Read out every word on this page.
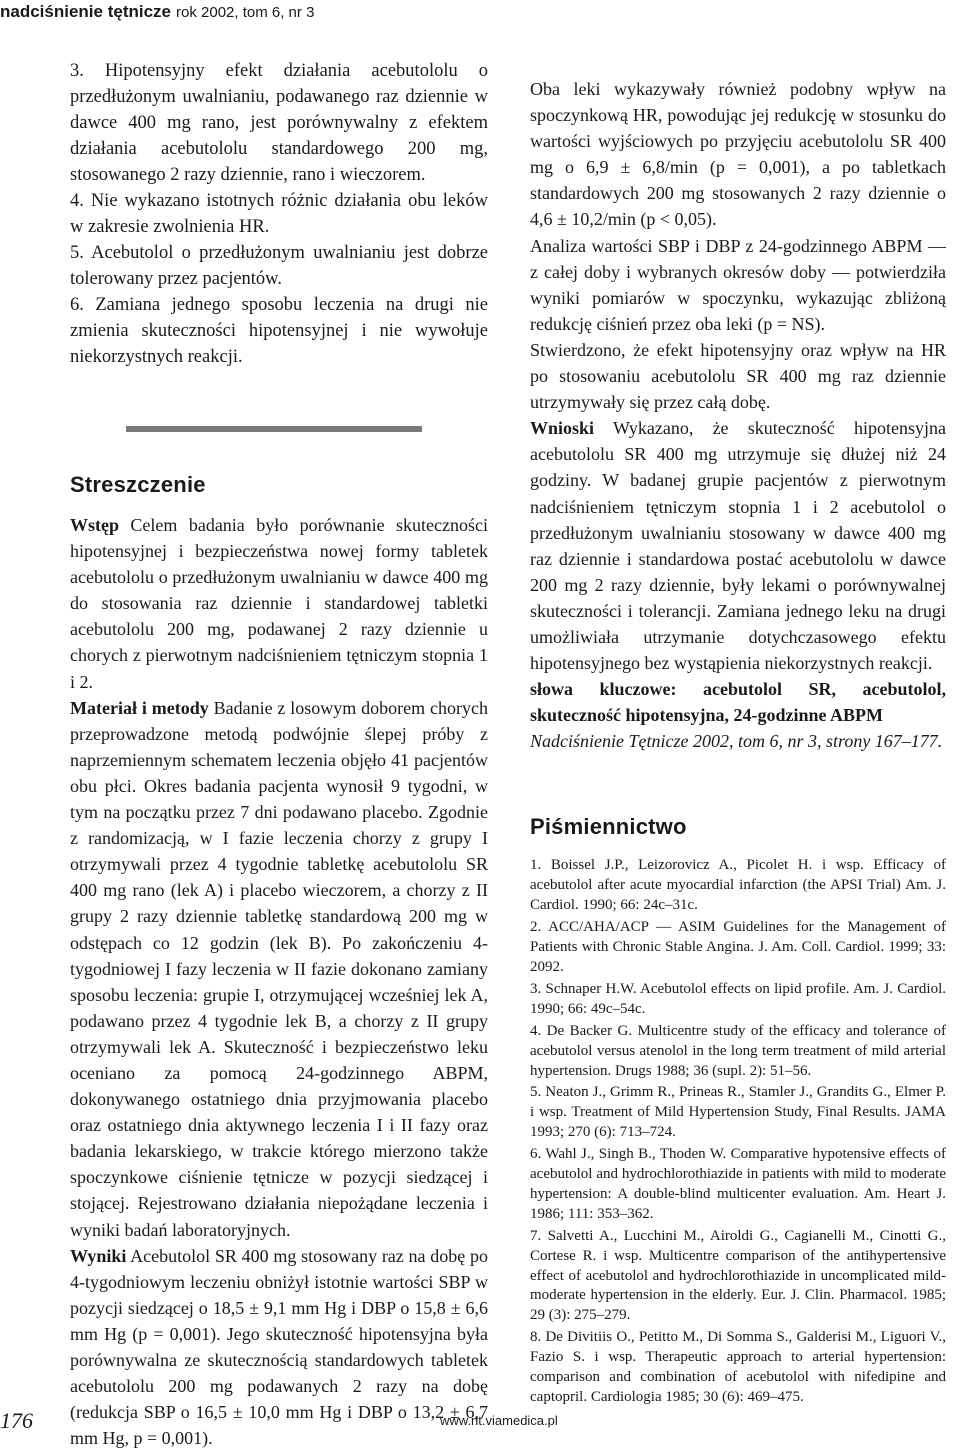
nadciśnienie tętnicze rok 2002, tom 6, nr 3

3. Hipotensyjny efekt działania acebutololu o przedłużonym uwalnianiu, podawanego raz dziennie w dawce 400 mg rano, jest porównywalny z efektem działania acebutololu standardowego 200 mg, stosowanego 2 razy dziennie, rano i wieczorem.

4. Nie wykazano istotnych różnic działania obu leków w zakresie zwolnienia HR.

5. Acebutolol o przedłużonym uwalnianiu jest dobrze tolerowany przez pacjentów.

6. Zamiana jednego sposobu leczenia na drugi nie zmienia skuteczności hipotensyjnej i nie wywołuje niekorzystnych reakcji.

Streszczenie

Wstęp Celem badania było porównanie skuteczności hipotensyjnej i bezpieczeństwa nowej formy tabletek acebutololu o przedłużonym uwalnianiu w dawce 400 mg do stosowania raz dziennie i standardowej tabletki acebutololu 200 mg, podawanej 2 razy dziennie u chorych z pierwotnym nadciśnieniem tętniczym stopnia 1 i 2.

Materiał i metody Badanie z losowym doborem chorych przeprowadzone metodą podwójnie ślepej próby z naprzemiennym schematem leczenia objęło 41 pacjentów obu płci. Okres badania pacjenta wynosił 9 tygodni, w tym na początku przez 7 dni podawano placebo. Zgodnie z randomizacją, w I fazie leczenia chorzy z grupy I otrzymywali przez 4 tygodnie tabletkę acebutololu SR 400 mg rano (lek A) i placebo wieczorem, a chorzy z II grupy 2 razy dziennie tabletkę standardową 200 mg w odstępach co 12 godzin (lek B). Po zakończeniu 4-tygodniowej I fazy leczenia w II fazie dokonano zamiany sposobu leczenia: grupie I, otrzymującej wcześniej lek A, podawano przez 4 tygodnie lek B, a chorzy z II grupy otrzymywali lek A. Skuteczność i bezpieczeństwo leku oceniano za pomocą 24-godzinnego ABPM, dokonywanego ostatniego dnia przyjmowania placebo oraz ostatniego dnia aktywnego leczenia I i II fazy oraz badania lekarskiego, w trakcie którego mierzono także spoczynkowe ciśnienie tętnicze w pozycji siedzącej i stojącej. Rejestrowano działania niepożądane leczenia i wyniki badań laboratoryjnych.

Wyniki Acebutolol SR 400 mg stosowany raz na dobę po 4-tygodniowym leczeniu obniżył istotnie wartości SBP w pozycji siedzącej o 18,5 ± 9,1 mm Hg i DBP o 15,8 ± 6,6 mm Hg (p = 0,001). Jego skuteczność hipotensyjna była porównywalna ze skutecznością standardowych tabletek acebutololu 200 mg podawanych 2 razy na dobę (redukcja SBP o 16,5 ± 10,0 mm Hg i DBP o 13,2 ± 6,7 mm Hg, p = 0,001).

Oba leki wykazywały również podobny wpływ na spoczynkową HR, powodując jej redukcję w stosunku do wartości wyjściowych po przyjęciu acebutololu SR 400 mg o 6,9 ± 6,8/min (p = 0,001), a po tabletkach standardowych 200 mg stosowanych 2 razy dziennie o 4,6 ± 10,2/min (p < 0,05).

Analiza wartości SBP i DBP z 24-godzinnego ABPM — z całej doby i wybranych okresów doby — potwierdziła wyniki pomiarów w spoczynku, wykazując zbliżoną redukcję ciśnień przez oba leki (p = NS).

Stwierdzono, że efekt hipotensyjny oraz wpływ na HR po stosowaniu acebutololu SR 400 mg raz dziennie utrzymywały się przez całą dobę.

Wnioski Wykazano, że skuteczność hipotensyjna acebutololu SR 400 mg utrzymuje się dłużej niż 24 godziny. W badanej grupie pacjentów z pierwotnym nadciśnieniem tętniczym stopnia 1 i 2 acebutolol o przedłużonym uwalnianiu stosowany w dawce 400 mg raz dziennie i standardowa postać acebutololu w dawce 200 mg 2 razy dziennie, były lekami o porównywalnej skuteczności i tolerancji. Zamiana jednego leku na drugi umożliwiała utrzymanie dotychczasowego efektu hipotensyjnego bez wystąpienia niekorzystnych reakcji.

słowa kluczowe: acebutolol SR, acebutolol, skuteczność hipotensyjna, 24-godzinne ABPM

Nadciśnienie Tętnicze 2002, tom 6, nr 3, strony 167–177.

Piśmiennictwo

1. Boissel J.P., Leizorovicz A., Picolet H. i wsp. Efficacy of acebutolol after acute myocardial infarction (the APSI Trial) Am. J. Cardiol. 1990; 66: 24c–31c.

2. ACC/AHA/ACP — ASIM Guidelines for the Management of Patients with Chronic Stable Angina. J. Am. Coll. Cardiol. 1999; 33: 2092.

3. Schnaper H.W. Acebutolol effects on lipid profile. Am. J. Cardiol. 1990; 66: 49c–54c.

4. De Backer G. Multicentre study of the efficacy and tolerance of acebutolol versus atenolol in the long term treatment of mild arterial hypertension. Drugs 1988; 36 (supl. 2): 51–56.

5. Neaton J., Grimm R., Prineas R., Stamler J., Grandits G., Elmer P. i wsp. Treatment of Mild Hypertension Study, Final Results. JAMA 1993; 270 (6): 713–724.

6. Wahl J., Singh B., Thoden W. Comparative hypotensive effects of acebutolol and hydrochlorothiazide in patients with mild to moderate hypertension: A double-blind multicenter evaluation. Am. Heart J. 1986; 111: 353–362.

7. Salvetti A., Lucchini M., Airoldi G., Cagianelli M., Cinotti G., Cortese R. i wsp. Multicentre comparison of the antihypertensive effect of acebutolol and hydrochlorothiazide in uncomplicated mild-moderate hypertension in the elderly. Eur. J. Clin. Pharmacol. 1985; 29 (3): 275–279.

8. De Divitiis O., Petitto M., Di Somma S., Galderisi M., Liguori V., Fazio S. i wsp. Therapeutic approach to arterial hypertension: comparison and combination of acebutolol with nifedipine and captopril. Cardiologia 1985; 30 (6): 469–475.

176	www.nt.viamedica.pl
